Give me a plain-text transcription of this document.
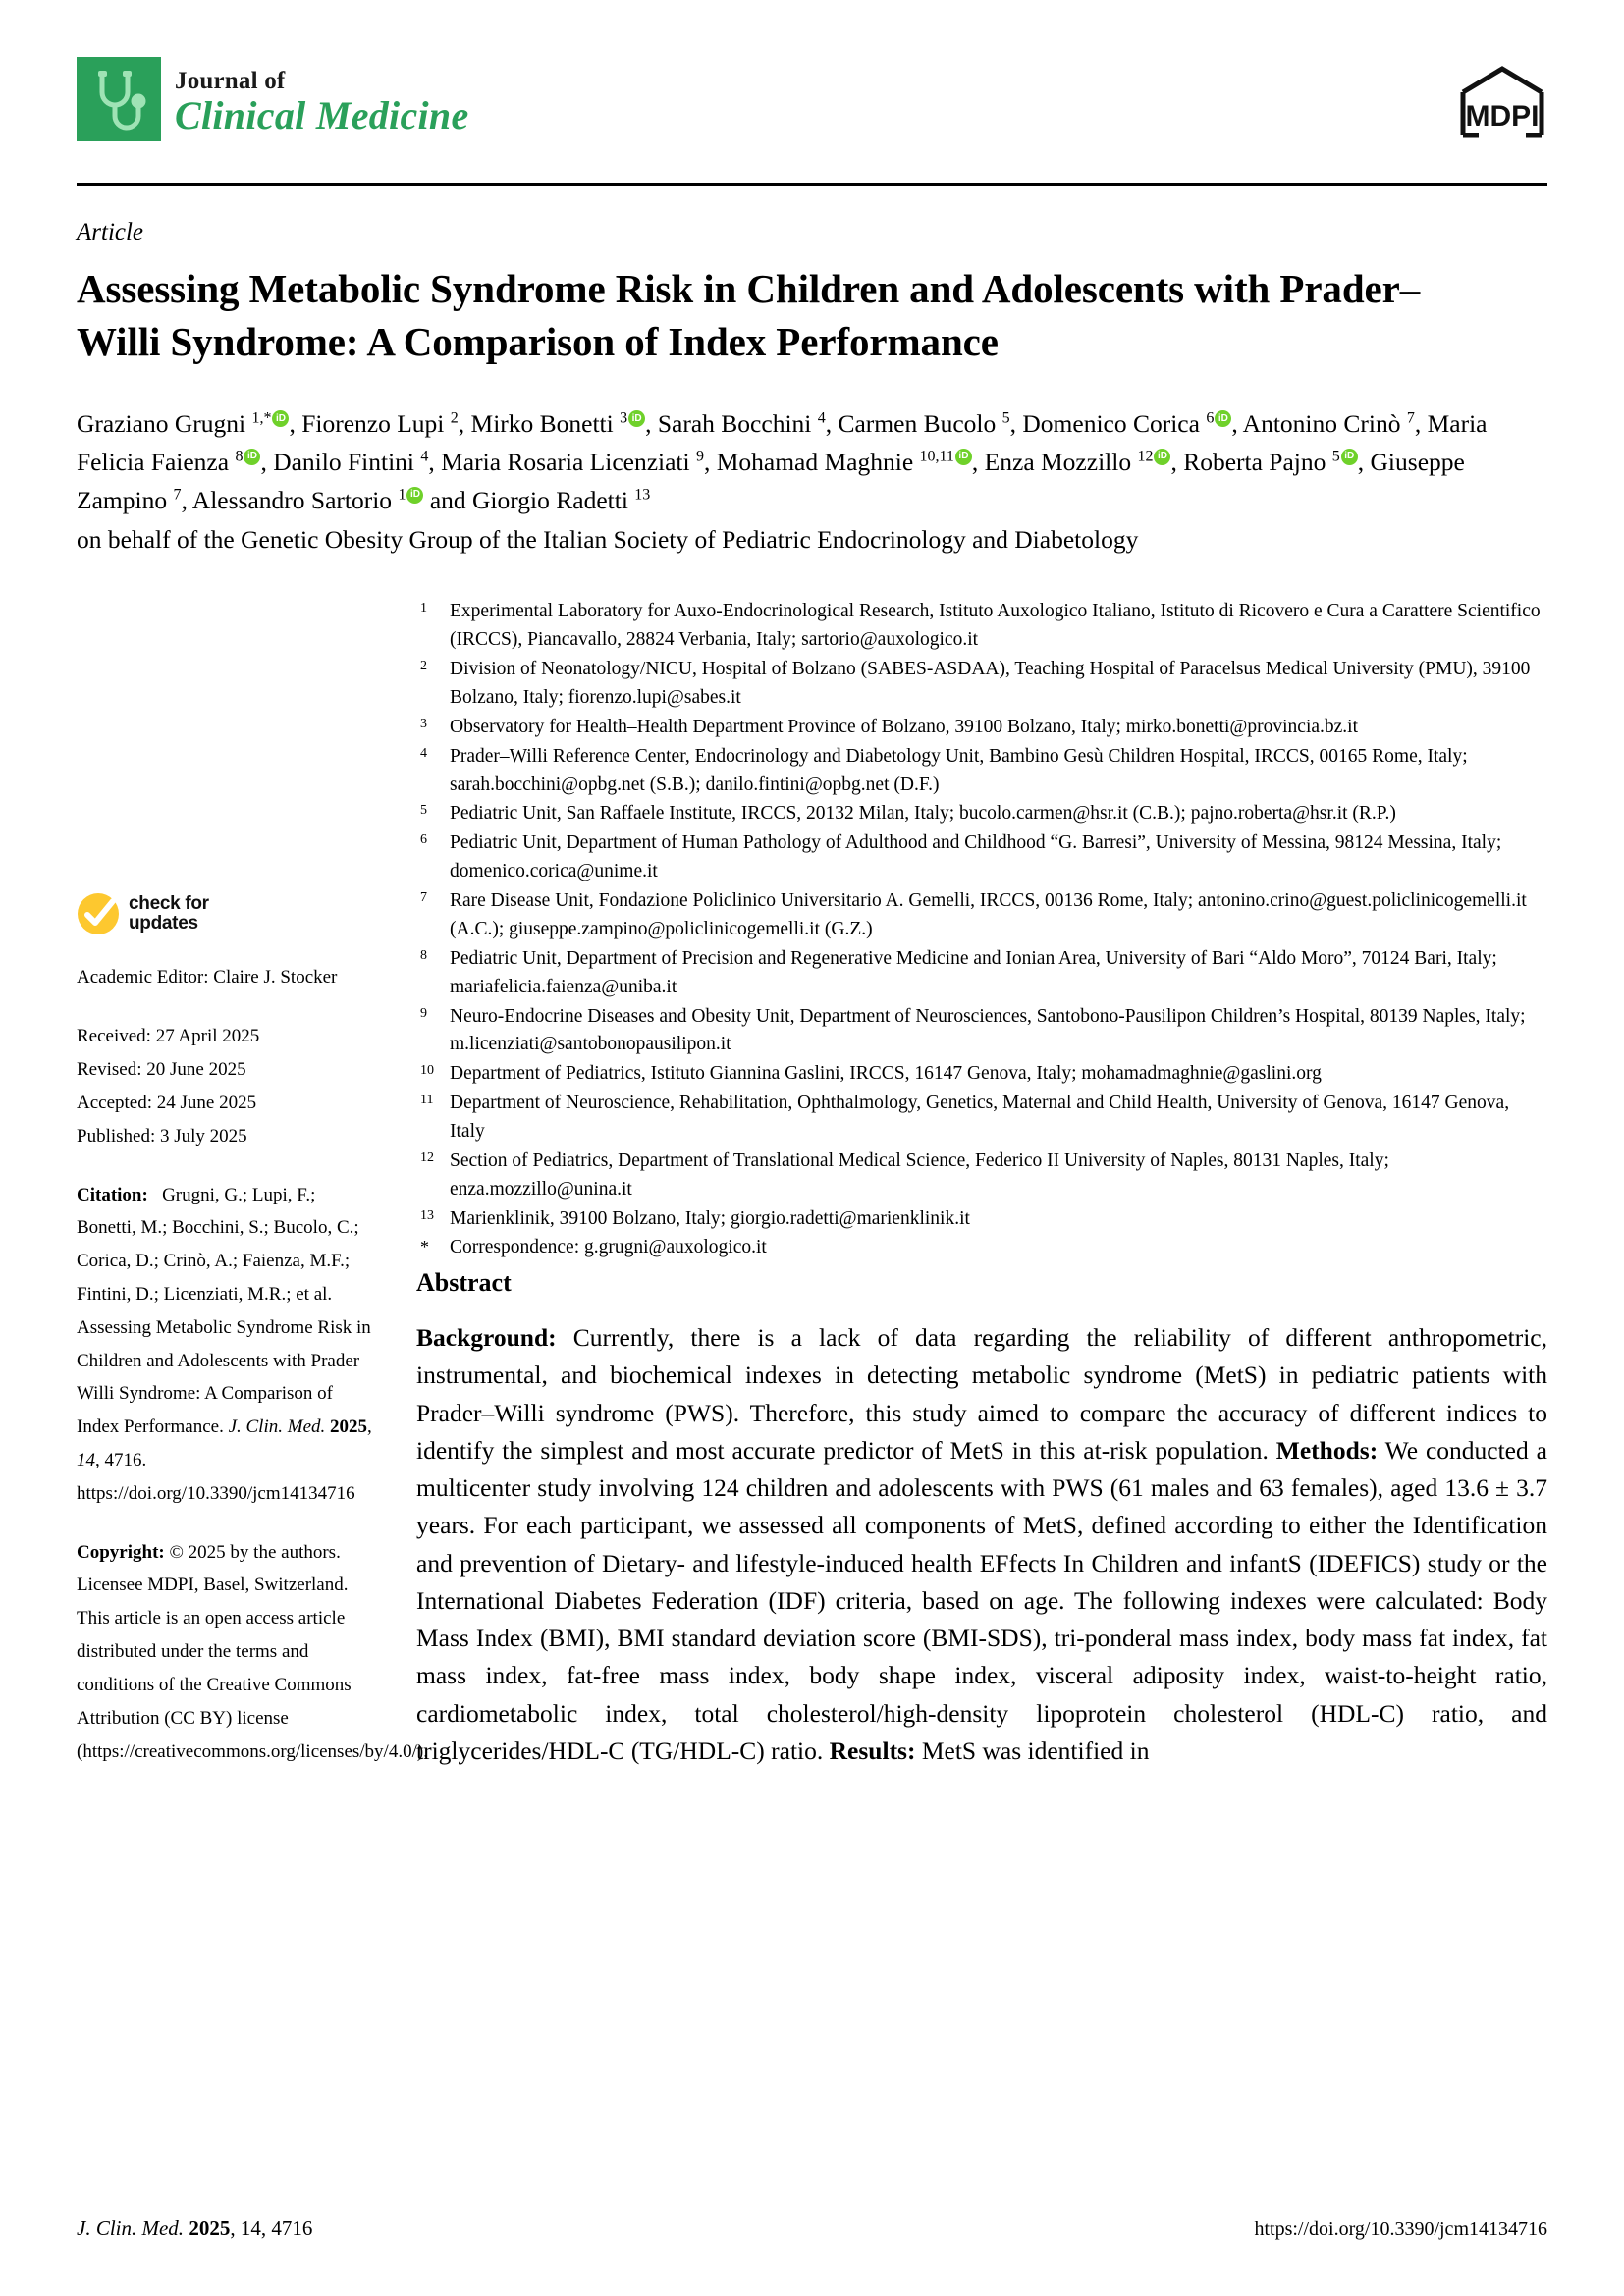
Journal of
Clinical Medicine	MDPI
Article
Assessing Metabolic Syndrome Risk in Children and Adolescents with Prader–Willi Syndrome: A Comparison of Index Performance
Graziano Grugni $^{1,*}$ iD , Fiorenzo Lupi $^2$, Mirko Bonetti $^3$ iD , Sarah Bocchini $^4$, Carmen Bucolo $^5$, Domenico Corica $^6$ iD , Antonino Crinò $^7$, Maria Felicia Faienza $^8$ iD , Danilo Fintini $^4$, Maria Rosaria Licenziati $^9$, Mohamad Maghnie $^{10,11}$ iD , Enza Mozzillo $^{12}$ iD , Roberta Pajno $^5$ iD , Giuseppe Zampino $^7$, Alessandro Sartorio $^1$iD and Giorgio Radetti $^{13}$
on behalf of the Genetic Obesity Group of the Italian Society of Pediatric Endocrinology and Diabetology
check for
updates
Academic Editor: Claire J. Stocker
Received: 27 April 2025
Revised: 20 June 2025
Accepted: 24 June 2025
Published: 3 July 2025
Citation: Grugni, G.; Lupi, F.; Bonetti, M.; Bocchini, S.; Bucolo, C.; Corica, D.; Crinò, A.; Faienza, M.F.; Fintini, D.; Licenziati, M.R.; et al. Assessing Metabolic Syndrome Risk in Children and Adolescents with Prader–Willi Syndrome: A Comparison of Index Performance. J. Clin. Med. 2025, 14, 4716. https://doi.org/10.3390/jcm14134716
Copyright: © 2025 by the authors. Licensee MDPI, Basel, Switzerland. This article is an open access article distributed under the terms and conditions of the Creative Commons Attribution (CC BY) license (https://creativecommons.org/licenses/by/4.0/).
1	Experimental Laboratory for Auxo-Endocrinological Research, Istituto Auxologico Italiano, Istituto di Ricovero e Cura a Carattere Scientifico (IRCCS), Piancavallo, 28824 Verbania, Italy; sartorio@auxologico.it
2	Division of Neonatology/NICU, Hospital of Bolzano (SABES-ASDAA), Teaching Hospital of Paracelsus Medical University (PMU), 39100 Bolzano, Italy; fiorenzo.lupi@sabes.it
3	Observatory for Health–Health Department Province of Bolzano, 39100 Bolzano, Italy; mirko.bonetti@provincia.bz.it
4	Prader–Willi Reference Center, Endocrinology and Diabetology Unit, Bambino Gesù Children Hospital, IRCCS, 00165 Rome, Italy; sarah.bocchini@opbg.net (S.B.); danilo.fintini@opbg.net (D.F.)
5	Pediatric Unit, San Raffaele Institute, IRCCS, 20132 Milan, Italy; bucolo.carmen@hsr.it (C.B.); pajno.roberta@hsr.it (R.P.)
6	Pediatric Unit, Department of Human Pathology of Adulthood and Childhood “G. Barresi”, University of Messina, 98124 Messina, Italy; domenico.corica@unime.it
7	Rare Disease Unit, Fondazione Policlinico Universitario A. Gemelli, IRCCS, 00136 Rome, Italy; antonino.crino@guest.policlinicogemelli.it (A.C.); giuseppe.zampino@policlinicogemelli.it (G.Z.)
8	Pediatric Unit, Department of Precision and Regenerative Medicine and Ionian Area, University of Bari “Aldo Moro”, 70124 Bari, Italy; mariafelicia.faienza@uniba.it
9	Neuro-Endocrine Diseases and Obesity Unit, Department of Neurosciences, Santobono-Pausilipon Children’s Hospital, 80139 Naples, Italy; m.licenziati@santobonopausilipon.it
10 Department of Pediatrics, Istituto Giannina Gaslini, IRCCS, 16147 Genova, Italy; mohamadmaghnie@gaslini.org
11 Department of Neuroscience, Rehabilitation, Ophthalmology, Genetics, Maternal and Child Health, University of Genova, 16147 Genova, Italy
12 Section of Pediatrics, Department of Translational Medical Science, Federico II University of Naples, 80131 Naples, Italy; enza.mozzillo@unina.it
13 Marienklinik, 39100 Bolzano, Italy; giorgio.radetti@marienklinik.it
*	Correspondence: g.grugni@auxologico.it
Abstract
Background: Currently, there is a lack of data regarding the reliability of different anthropometric, instrumental, and biochemical indexes in detecting metabolic syndrome (MetS) in pediatric patients with Prader–Willi syndrome (PWS). Therefore, this study aimed to compare the accuracy of different indices to identify the simplest and most accurate predictor of MetS in this at-risk population. Methods: We conducted a multicenter study involving 124 children and adolescents with PWS (61 males and 63 females), aged 13.6 ± 3.7 years. For each participant, we assessed all components of MetS, defined according to either the Identification and prevention of Dietary- and lifestyle-induced health EFfects In Children and infantS (IDEFICS) study or the International Diabetes Federation (IDF) criteria, based on age. The following indexes were calculated: Body Mass Index (BMI), BMI standard deviation score (BMI-SDS), tri-ponderal mass index, body mass fat index, fat mass index, fat-free mass index, body shape index, visceral adiposity index, waist-to-height ratio, cardiometabolic index, total cholesterol/high-density lipoprotein cholesterol (HDL-C) ratio, and triglycerides/HDL-C (TG/HDL-C) ratio. Results: MetS was identified in
J. Clin. Med. 2025, 14, 4716	https://doi.org/10.3390/jcm14134716
